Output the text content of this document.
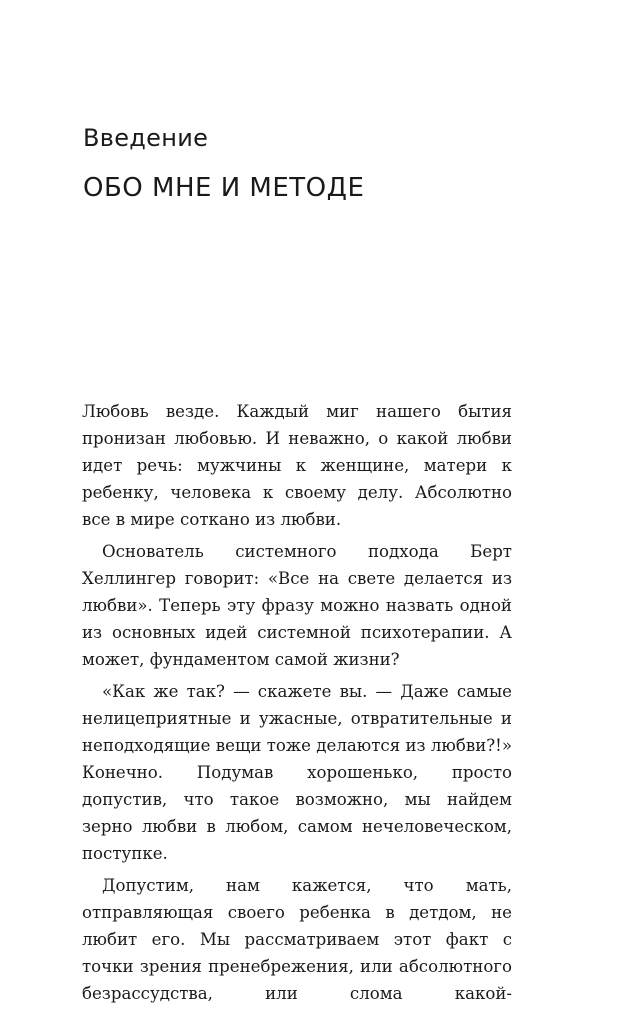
Введение
ОБО МНЕ И МЕТОДЕ

Любовь везде. Каждый миг нашего бытия пронизан любовью. И неважно, о какой любви идет речь: мужчины к женщине, матери к ребенку, человека к своему делу. Абсолютно все в мире соткано из любви.

Основатель системного подхода Берт Хеллингер говорит: «Все на свете делается из любви». Теперь эту фразу можно назвать одной из основных идей системной психотерапии. А может, фундаментом самой жизни?

«Как же так? — скажете вы. — Даже самые нелицеприятные и ужасные, отвратительные и неподходящие вещи тоже делаются из любви?!» Конечно. Подумав хорошенько, просто допустив, что такое возможно, мы найдем зерно любви в любом, самом нечеловеческом, поступке.

Допустим, нам кажется, что мать, отправляющая своего ребенка в детдом, не любит его. Мы рассматриваем этот факт с точки зрения пренебрежения, или абсолютного безрассудства, или слома какой-
